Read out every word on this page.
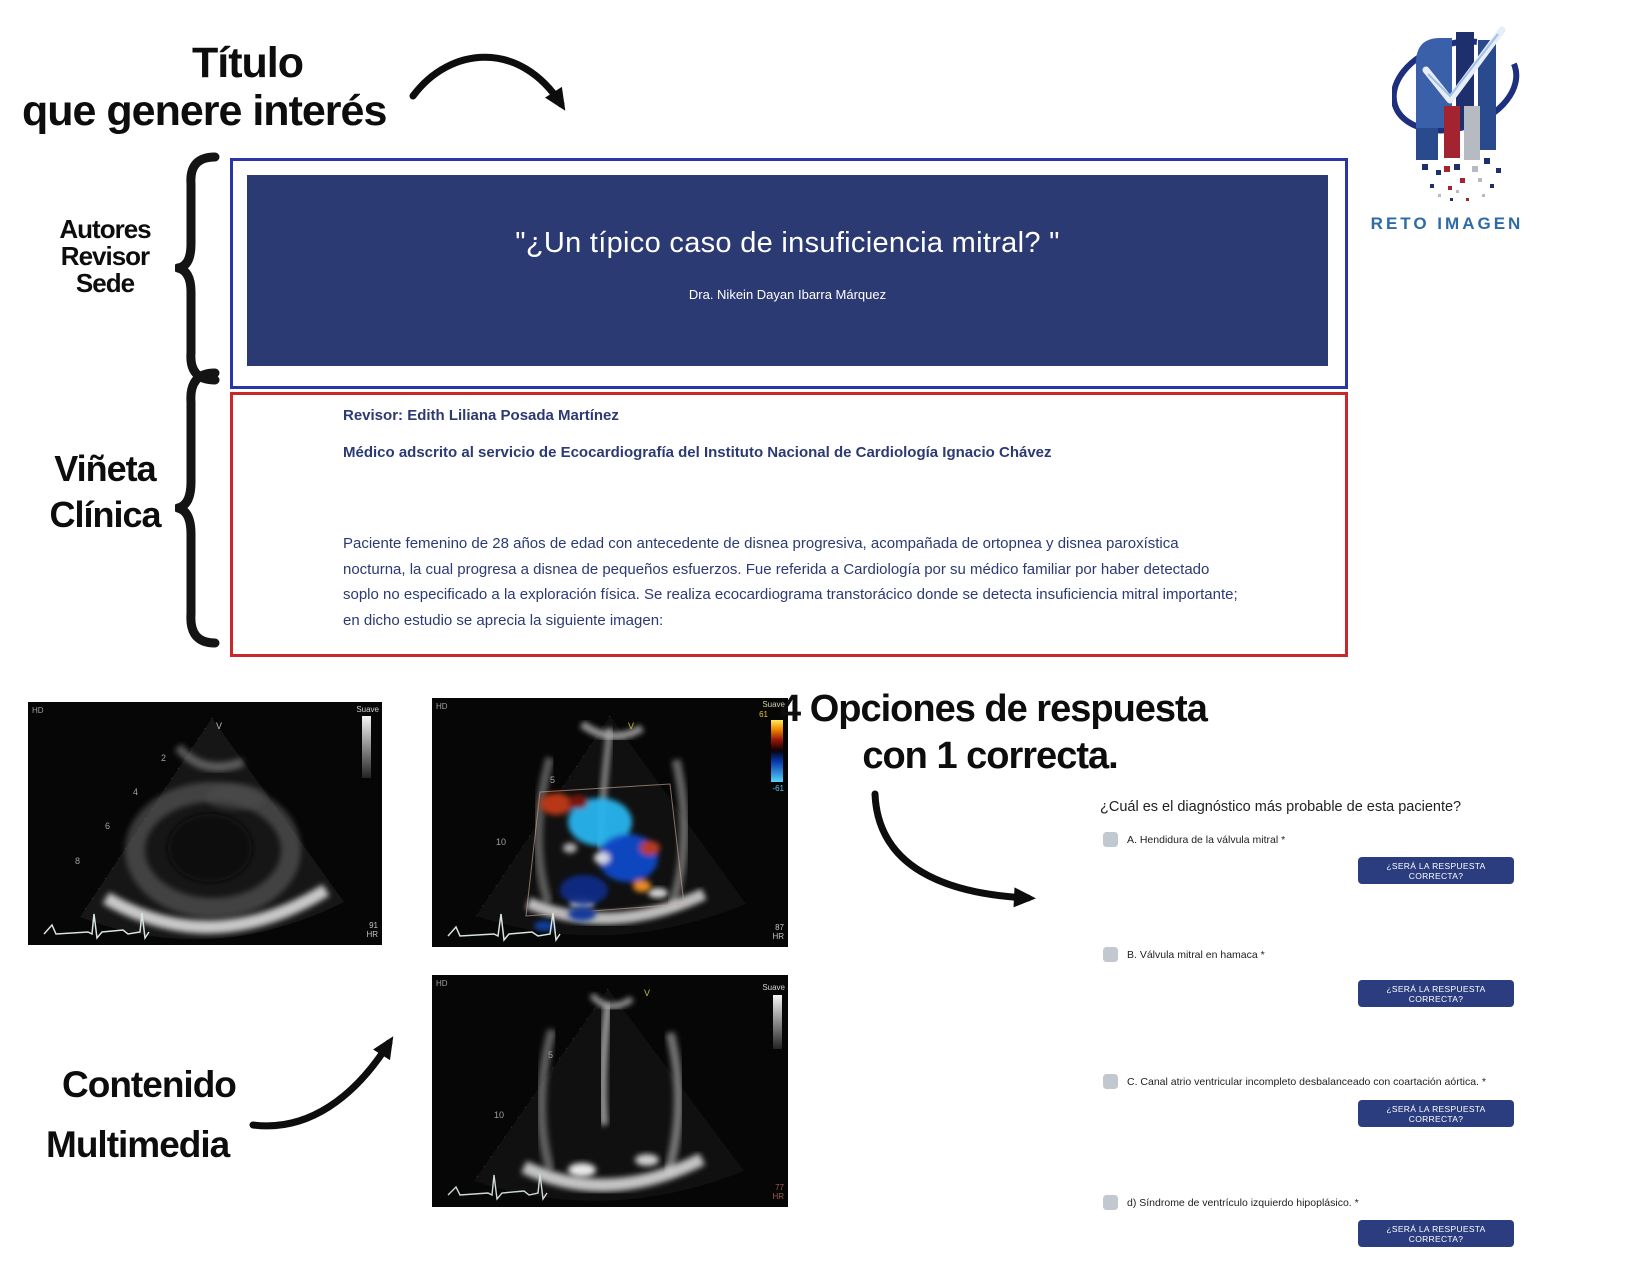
Título
que genere interés
RETO IMAGEN
Autores
Revisor
Sede
Viñeta
Clínica
"¿Un típico caso de insuficiencia mitral? "
Dra. Nikein Dayan Ibarra Márquez
Revisor: Edith Liliana Posada Martínez
Médico adscrito al servicio de Ecocardiografía del Instituto Nacional de Cardiología Ignacio Chávez
Paciente femenino de 28 años de edad con antecedente de disnea progresiva, acompañada de ortopnea y disnea paroxística nocturna, la cual progresa a disnea de pequeños esfuerzos. Fue referida a Cardiología por su médico familiar por haber detectado soplo no especificado a la exploración física. Se realiza ecocardiograma transtorácico donde se detecta insuficiencia mitral importante; en dicho estudio se aprecia la siguiente imagen:
HD	Suave
V
2
4
6
8
91
HR
HD	Suave
61
-61
V
5
10
87
HR
HD	Suave
V
5
10
77
HR
Contenido
Multimedia
4 Opciones de respuesta
con 1 correcta.
¿Cuál es el diagnóstico más probable de esta paciente?
A. Hendidura de la válvula mitral *
¿SERÁ LA RESPUESTA CORRECTA?
B. Válvula mitral en hamaca *
¿SERÁ LA RESPUESTA CORRECTA?
C. Canal atrio ventricular incompleto desbalanceado con coartación aórtica. *
¿SERÁ LA RESPUESTA CORRECTA?
d) Síndrome de ventrículo izquierdo hipoplásico. *
¿SERÁ LA RESPUESTA CORRECTA?
